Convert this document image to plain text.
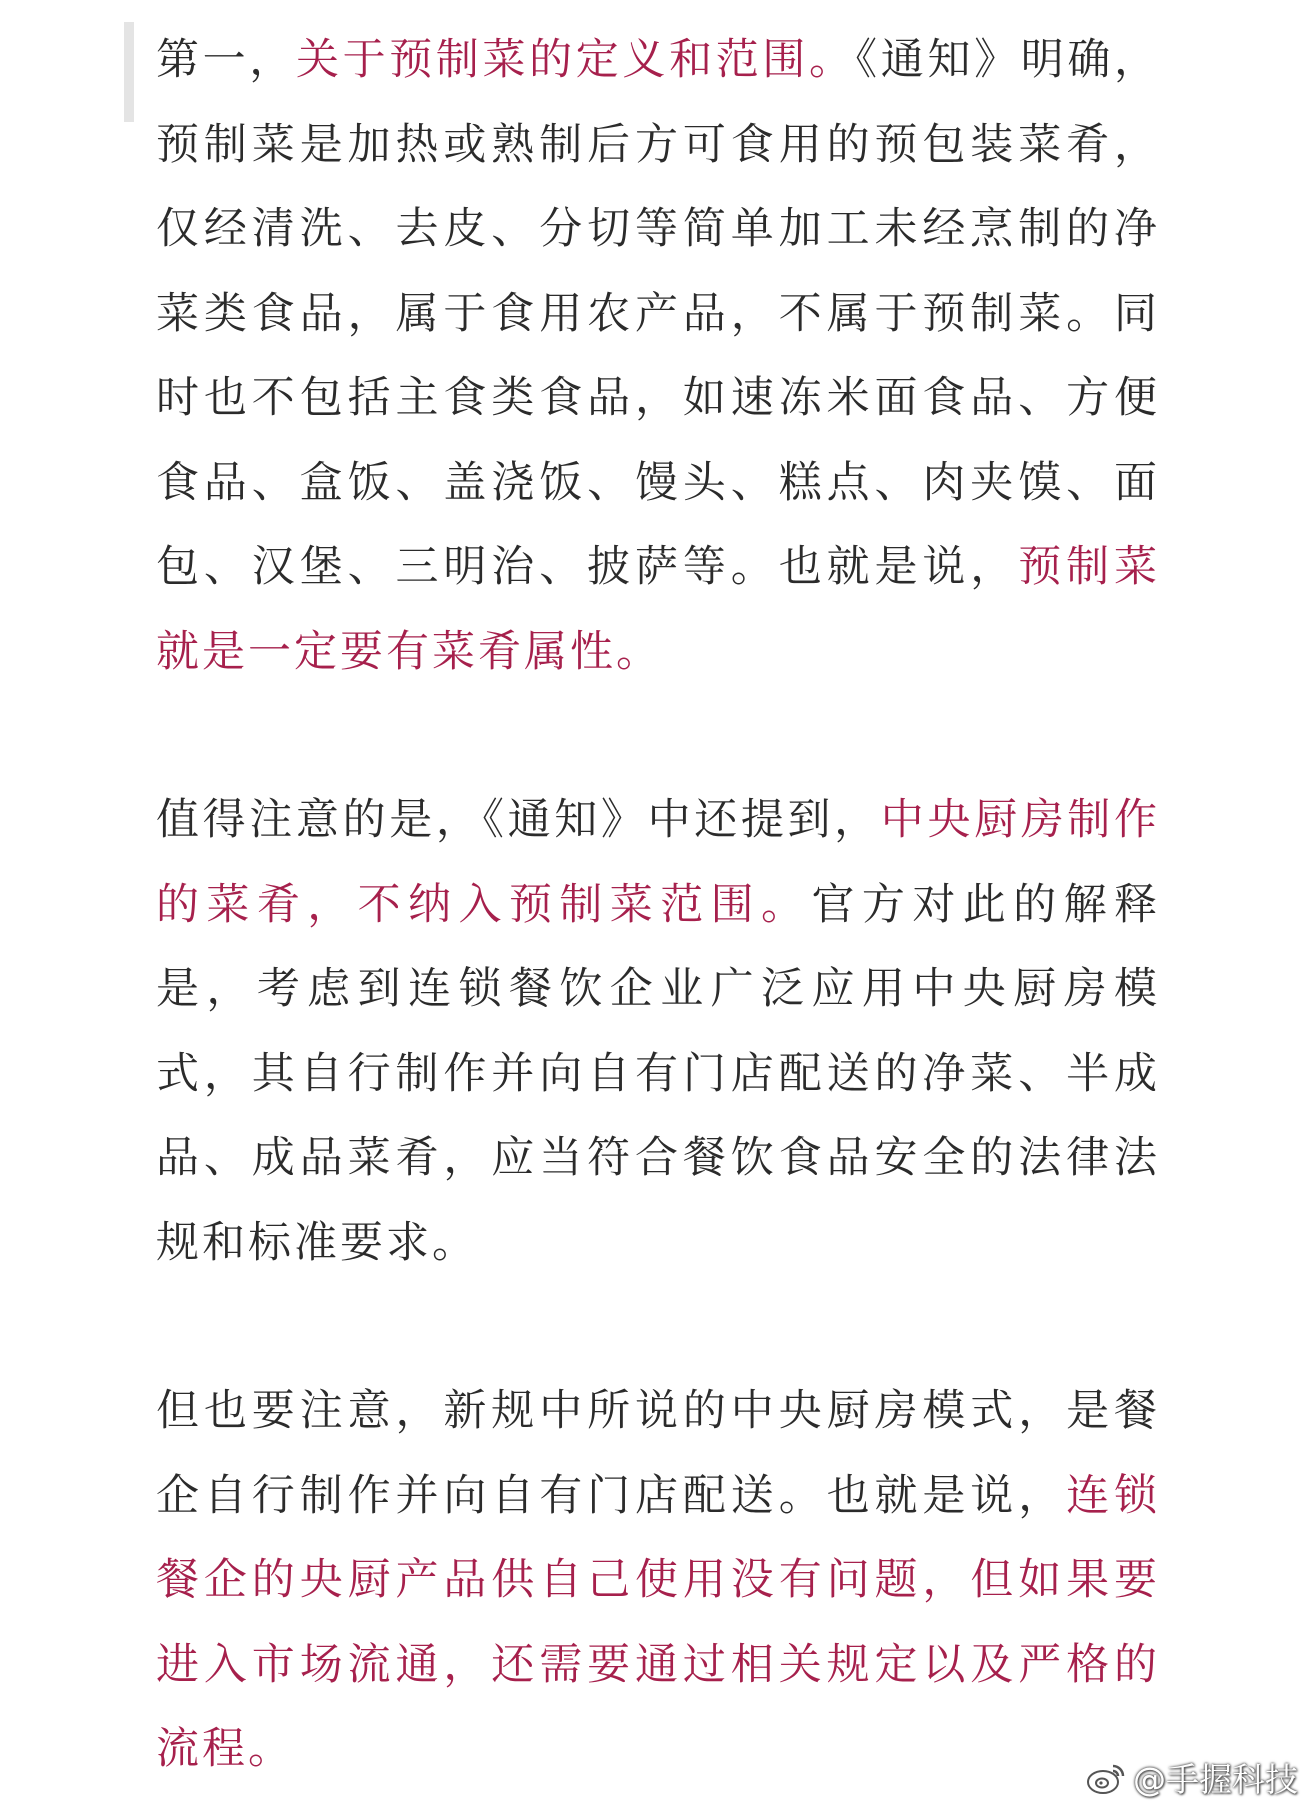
第一，关于预制菜的定义和范围。《通知》明确，预制菜是加热或熟制后方可食用的预包装菜肴，仅经清洗、去皮、分切等简单加工未经烹制的净菜类食品，属于食用农产品，不属于预制菜。同时也不包括主食类食品，如速冻米面食品、方便食品、盒饭、盖浇饭、馒头、糕点、肉夹馍、面包、汉堡、三明治、披萨等。也就是说，预制菜就是一定要有菜肴属性。

值得注意的是，《通知》中还提到，中央厨房制作的菜肴，不纳入预制菜范围。官方对此的解释是，考虑到连锁餐饮企业广泛应用中央厨房模式，其自行制作并向自有门店配送的净菜、半成品、成品菜肴，应当符合餐饮食品安全的法律法规和标准要求。

但也要注意，新规中所说的中央厨房模式，是餐企自行制作并向自有门店配送。也就是说，连锁餐企的央厨产品供自己使用没有问题，但如果要进入市场流通，还需要通过相关规定以及严格的流程。

@手握科技
